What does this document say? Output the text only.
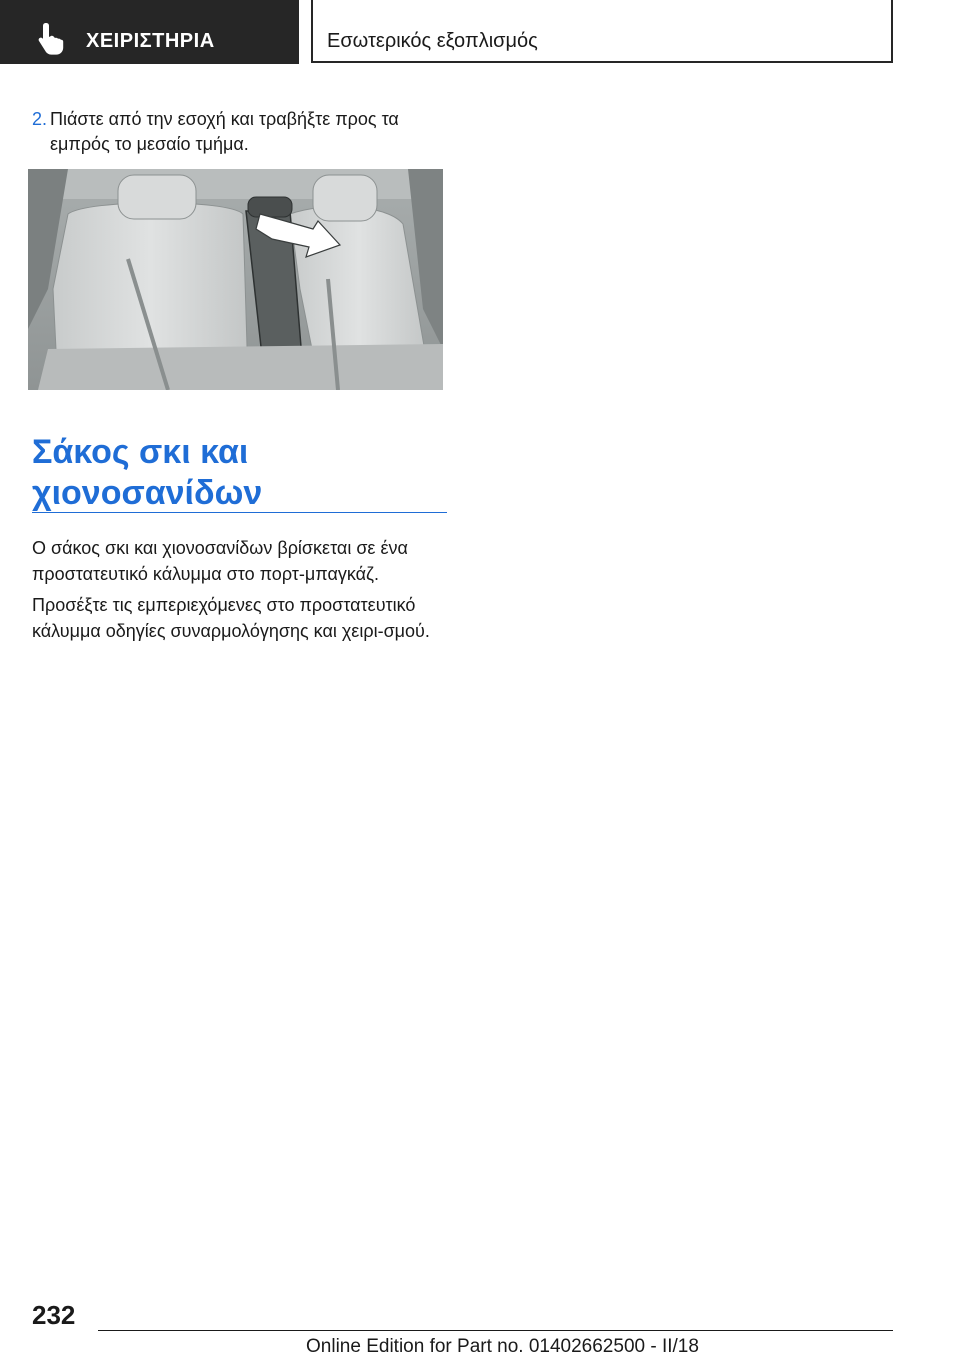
ΧΕΙΡΙΣΤΗΡΙΑ	Εσωτερικός εξοπλισμός
2. Πιάστε από την εσοχή και τραβήξτε προς τα εμπρός το μεσαίο τμήμα.
Σάκος σκι και
χιονοσανίδων
Ο σάκος σκι και χιονοσανίδων βρίσκεται σε ένα προστατευτικό κάλυμμα στο πορτ-μπαγκάζ.
Προσέξτε τις εμπεριεχόμενες στο προστατευτικό κάλυμμα οδηγίες συναρμολόγησης και χειρι-σμού.
232
Online Edition for Part no. 01402662500 - II/18
